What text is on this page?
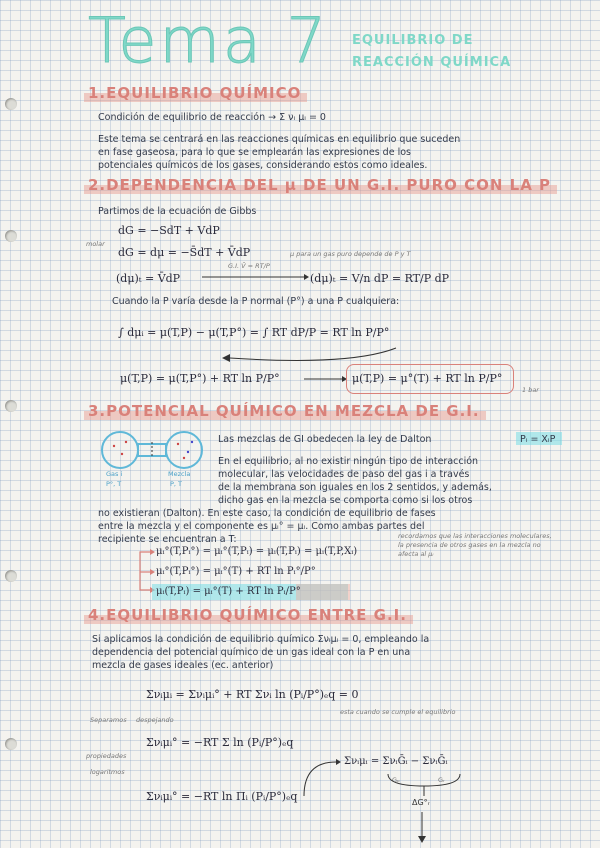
Tema 7 EQUILIBRIO DE
REACCIÓN QUÍMICA
1.EQUILIBRIO QUÍMICO
Condición de equilibrio de reacción → Σ νᵢ μᵢ = 0
Este tema se centrará en las reacciones químicas en equilibrio que suceden
en fase gaseosa, para lo que se emplearán las expresiones de los
potenciales químicos de los gases, considerando estos como ideales.
2.DEPENDENCIA DEL μ DE UN G.I. PURO CON LA P
Partimos de la ecuación de Gibbs
dG = −SdT + VdP
molar
dG = dμ = −S̄dT + V̄dP	μ para un gas puro depende de P y T
(dμ)ₜ = V̄dP
G.I. V̄ = RT/P
(dμ)ₜ = V/n dP = RT/P dP
Cuando la P varía desde la P normal (P°) a una P cualquiera:
∫ dμᵢ = μ(T,P) − μ(T,P°) = ∫ RT dP/P = RT ln P/P°
μ(T,P) = μ(T,P°) + RT ln P/P°	μ(T,P) = μ°(T) + RT ln P/P°
1 bar
3.POTENCIAL QUÍMICO EN MEZCLA DE G.I.
Gas i
P°, T
Mezcla
P, T
Las mezclas de GI obedecen la ley de Dalton	Pᵢ = XᵢP
En el equilibrio, al no existir ningún tipo de interacción
molecular, las velocidades de paso del gas i a través
de la membrana son iguales en los 2 sentidos, y además,
dicho gas en la mezcla se comporta como si los otros
no existieran (Dalton). En este caso, la condición de equilibrio de fases
entre la mezcla y el componente es μᵢ° = μᵢ. Como ambas partes del
recipiente se encuentran a T:	recordamos que las interacciones moleculares,
la presencia de otros gases en la mezcla no
afecta al μᵢ
μᵢ°(T,Pᵢ°) = μᵢ°(T,Pᵢ) = μᵢ(T,Pᵢ) = μᵢ(T,P,Xᵢ)
μᵢ°(T,Pᵢ°) = μᵢ°(T) + RT ln Pᵢ°/P°
μᵢ(T,Pᵢ) = μᵢ°(T) + RT ln Pᵢ/P°
4.EQUILIBRIO QUÍMICO ENTRE G.I.
Si aplicamos la condición de equilibrio químico Σνᵢμᵢ = 0, empleando la
dependencia del potencial químico de un gas ideal con la P en una
mezcla de gases ideales (ec. anterior)
Σνᵢμᵢ = Σνᵢμᵢ° + RT Σνᵢ ln (Pᵢ/P°)ₑq = 0
esta cuando se cumple el equilibrio
Separamos despejando
Σνᵢμᵢ° = −RT Σ ln (Pᵢ/P°)ₑq
propiedades
logaritmos
Σνᵢμᵢ° = −RT ln Πᵢ (Pᵢ/P°)ₑq
Σνᵢμᵢ = ΣνᵢḠᵢ − ΣνᵢḠᵢ
Gₚ	Gᵣ
ΔG°ᵣ
